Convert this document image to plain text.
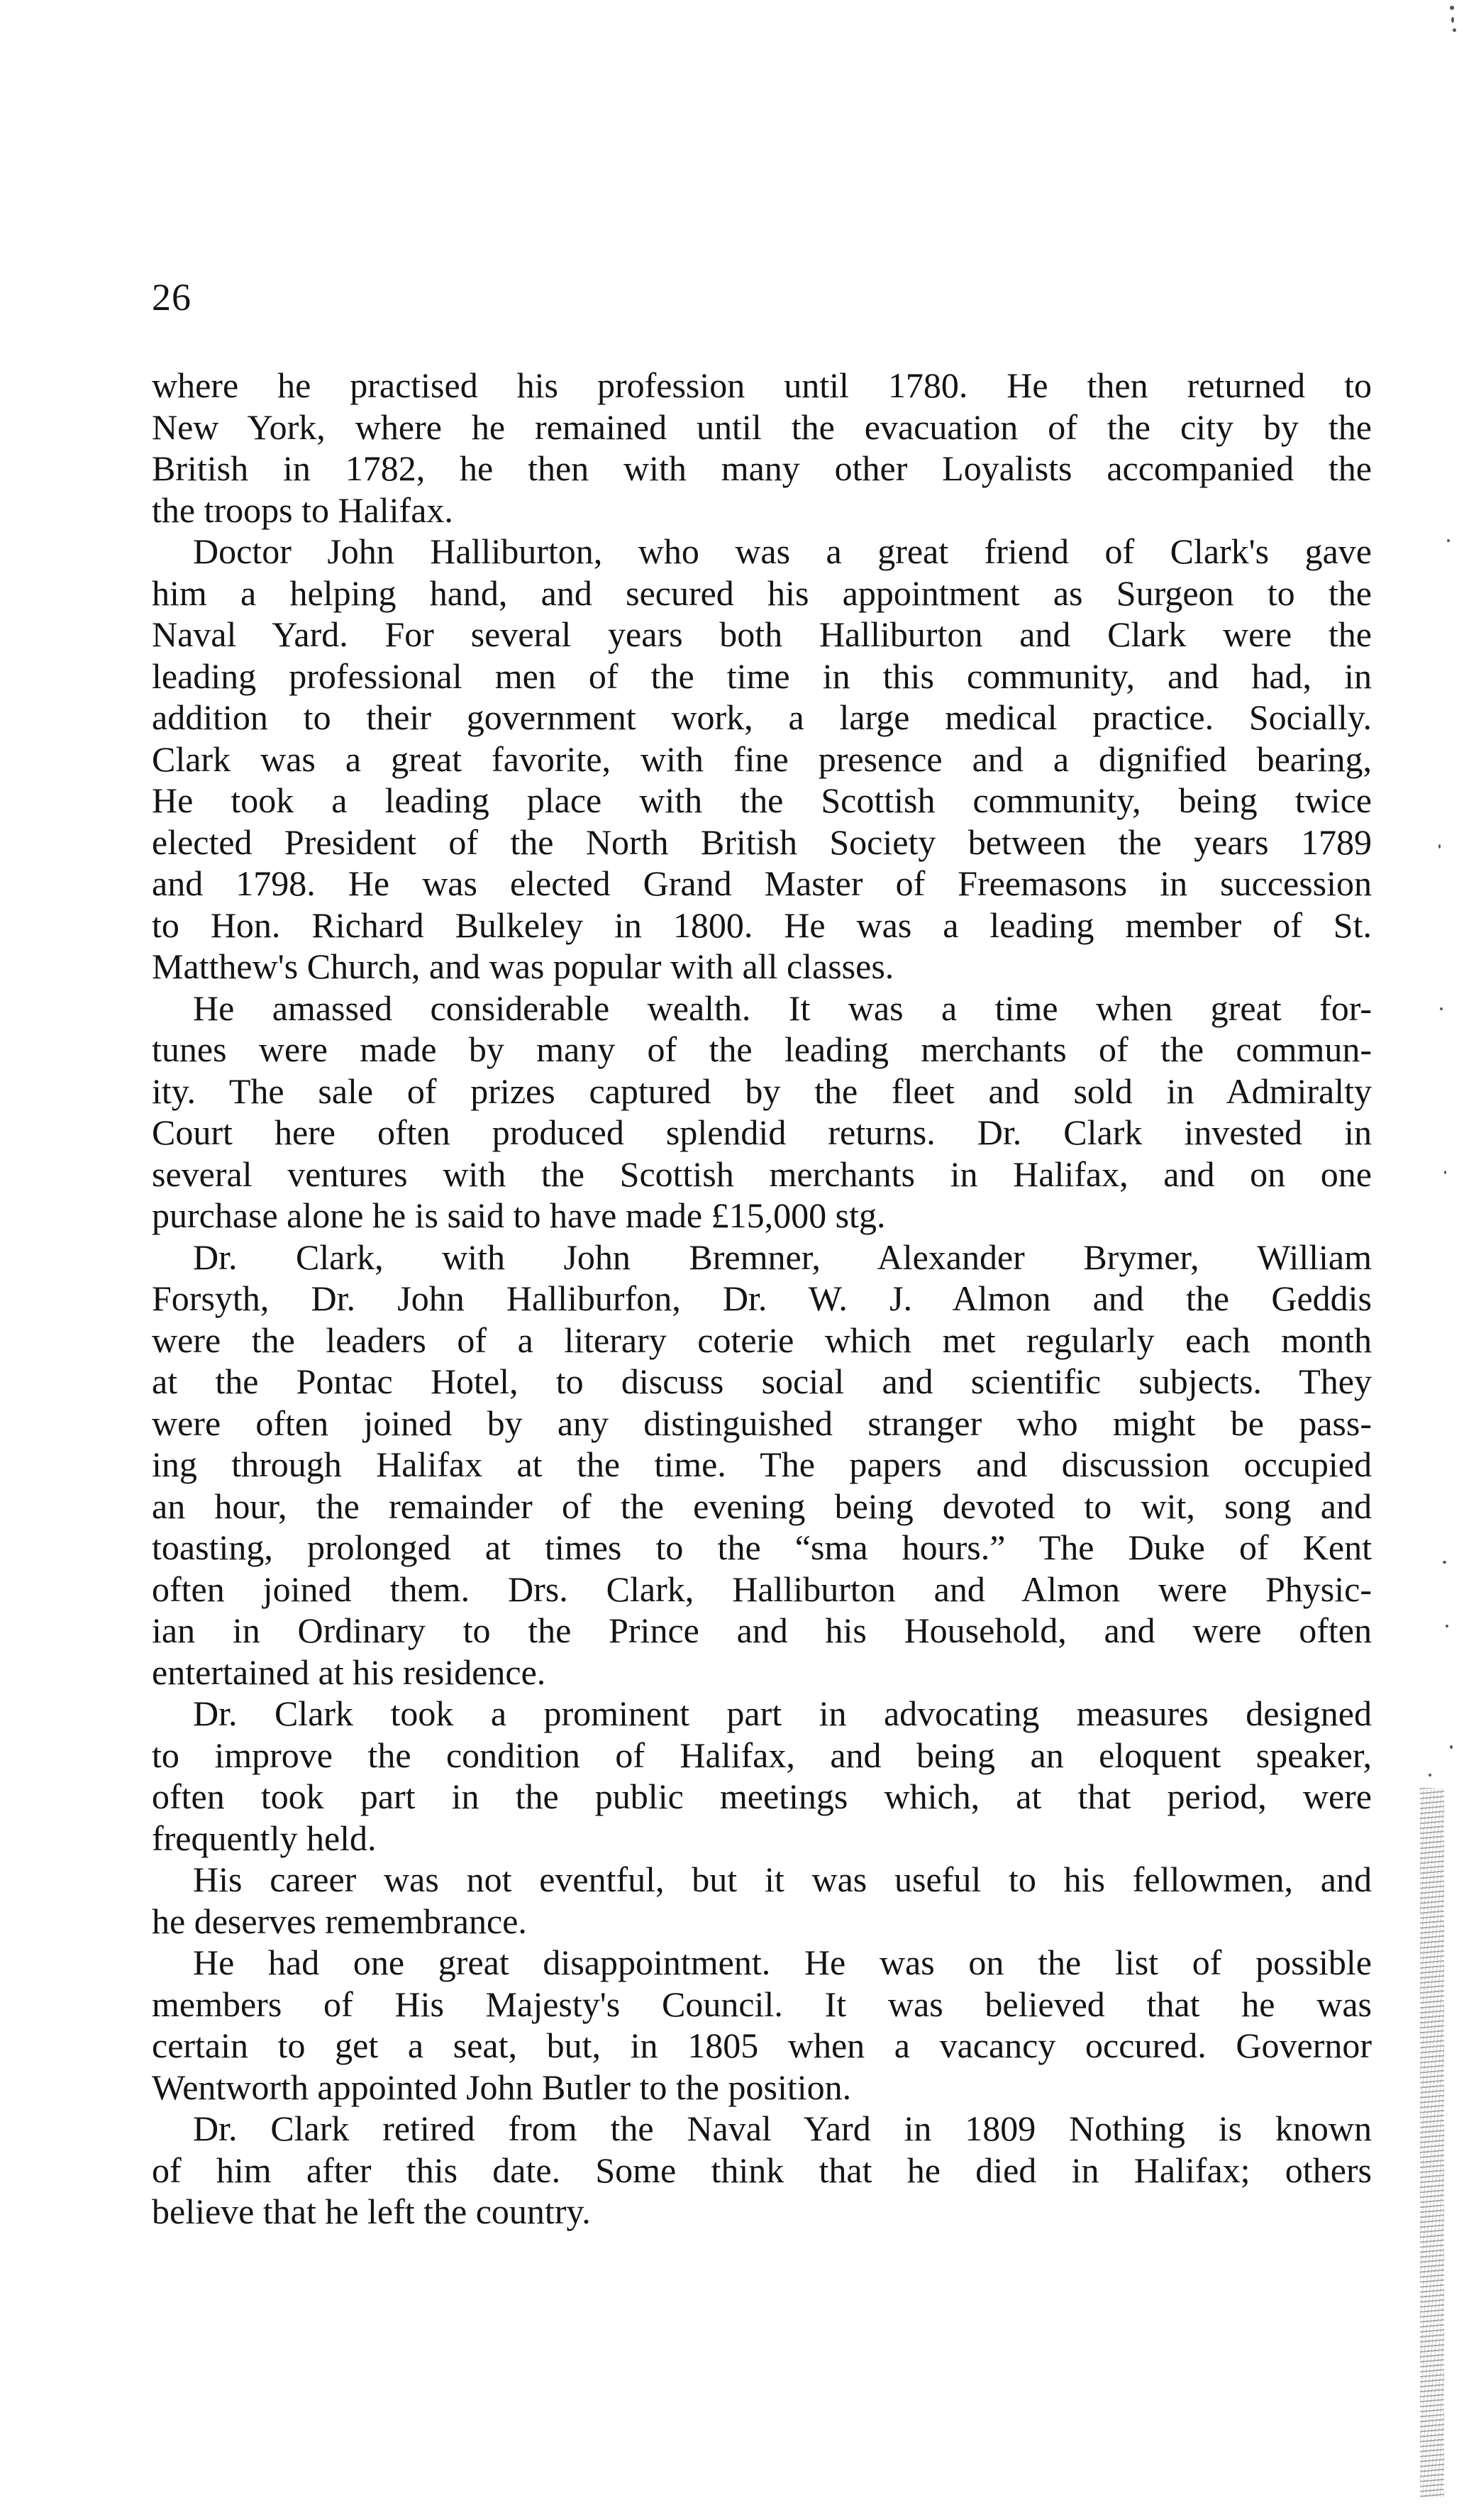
26
where he practised his profession until 1780. He then returned to
New York, where he remained until the evacuation of the city by the
British in 1782, he then with many other Loyalists accompanied the
the troops to Halifax.
Doctor John Halliburton, who was a great friend of Clark's gave
him a helping hand, and secured his appointment as Surgeon to the
Naval Yard. For several years both Halliburton and Clark were the
leading professional men of the time in this community, and had, in
addition to their government work, a large medical practice. Socially.
Clark was a great favorite, with fine presence and a dignified bearing,
He took a leading place with the Scottish community, being twice
elected President of the North British Society between the years 1789
and 1798. He was elected Grand Master of Freemasons in succession
to Hon. Richard Bulkeley in 1800. He was a leading member of St.
Matthew's Church, and was popular with all classes.
He amassed considerable wealth. It was a time when great for-
tunes were made by many of the leading merchants of the commun-
ity. The sale of prizes captured by the fleet and sold in Admiralty
Court here often produced splendid returns. Dr. Clark invested in
several ventures with the Scottish merchants in Halifax, and on one
purchase alone he is said to have made £15,000 stg.
Dr. Clark, with John Bremner, Alexander Brymer, William
Forsyth, Dr. John Halliburfon, Dr. W. J. Almon and the Geddis
were the leaders of a literary coterie which met regularly each month
at the Pontac Hotel, to discuss social and scientific subjects. They
were often joined by any distinguished stranger who might be pass-
ing through Halifax at the time. The papers and discussion occupied
an hour, the remainder of the evening being devoted to wit, song and
toasting, prolonged at times to the “sma hours.” The Duke of Kent
often joined them. Drs. Clark, Halliburton and Almon were Physic-
ian in Ordinary to the Prince and his Household, and were often
entertained at his residence.
Dr. Clark took a prominent part in advocating measures designed
to improve the condition of Halifax, and being an eloquent speaker,
often took part in the public meetings which, at that period, were
frequently held.
His career was not eventful, but it was useful to his fellowmen, and
he deserves remembrance.
He had one great disappointment. He was on the list of possible
members of His Majesty's Council. It was believed that he was
certain to get a seat, but, in 1805 when a vacancy occured. Governor
Wentworth appointed John Butler to the position.
Dr. Clark retired from the Naval Yard in 1809 Nothing is known
of him after this date. Some think that he died in Halifax; others
believe that he left the country.
